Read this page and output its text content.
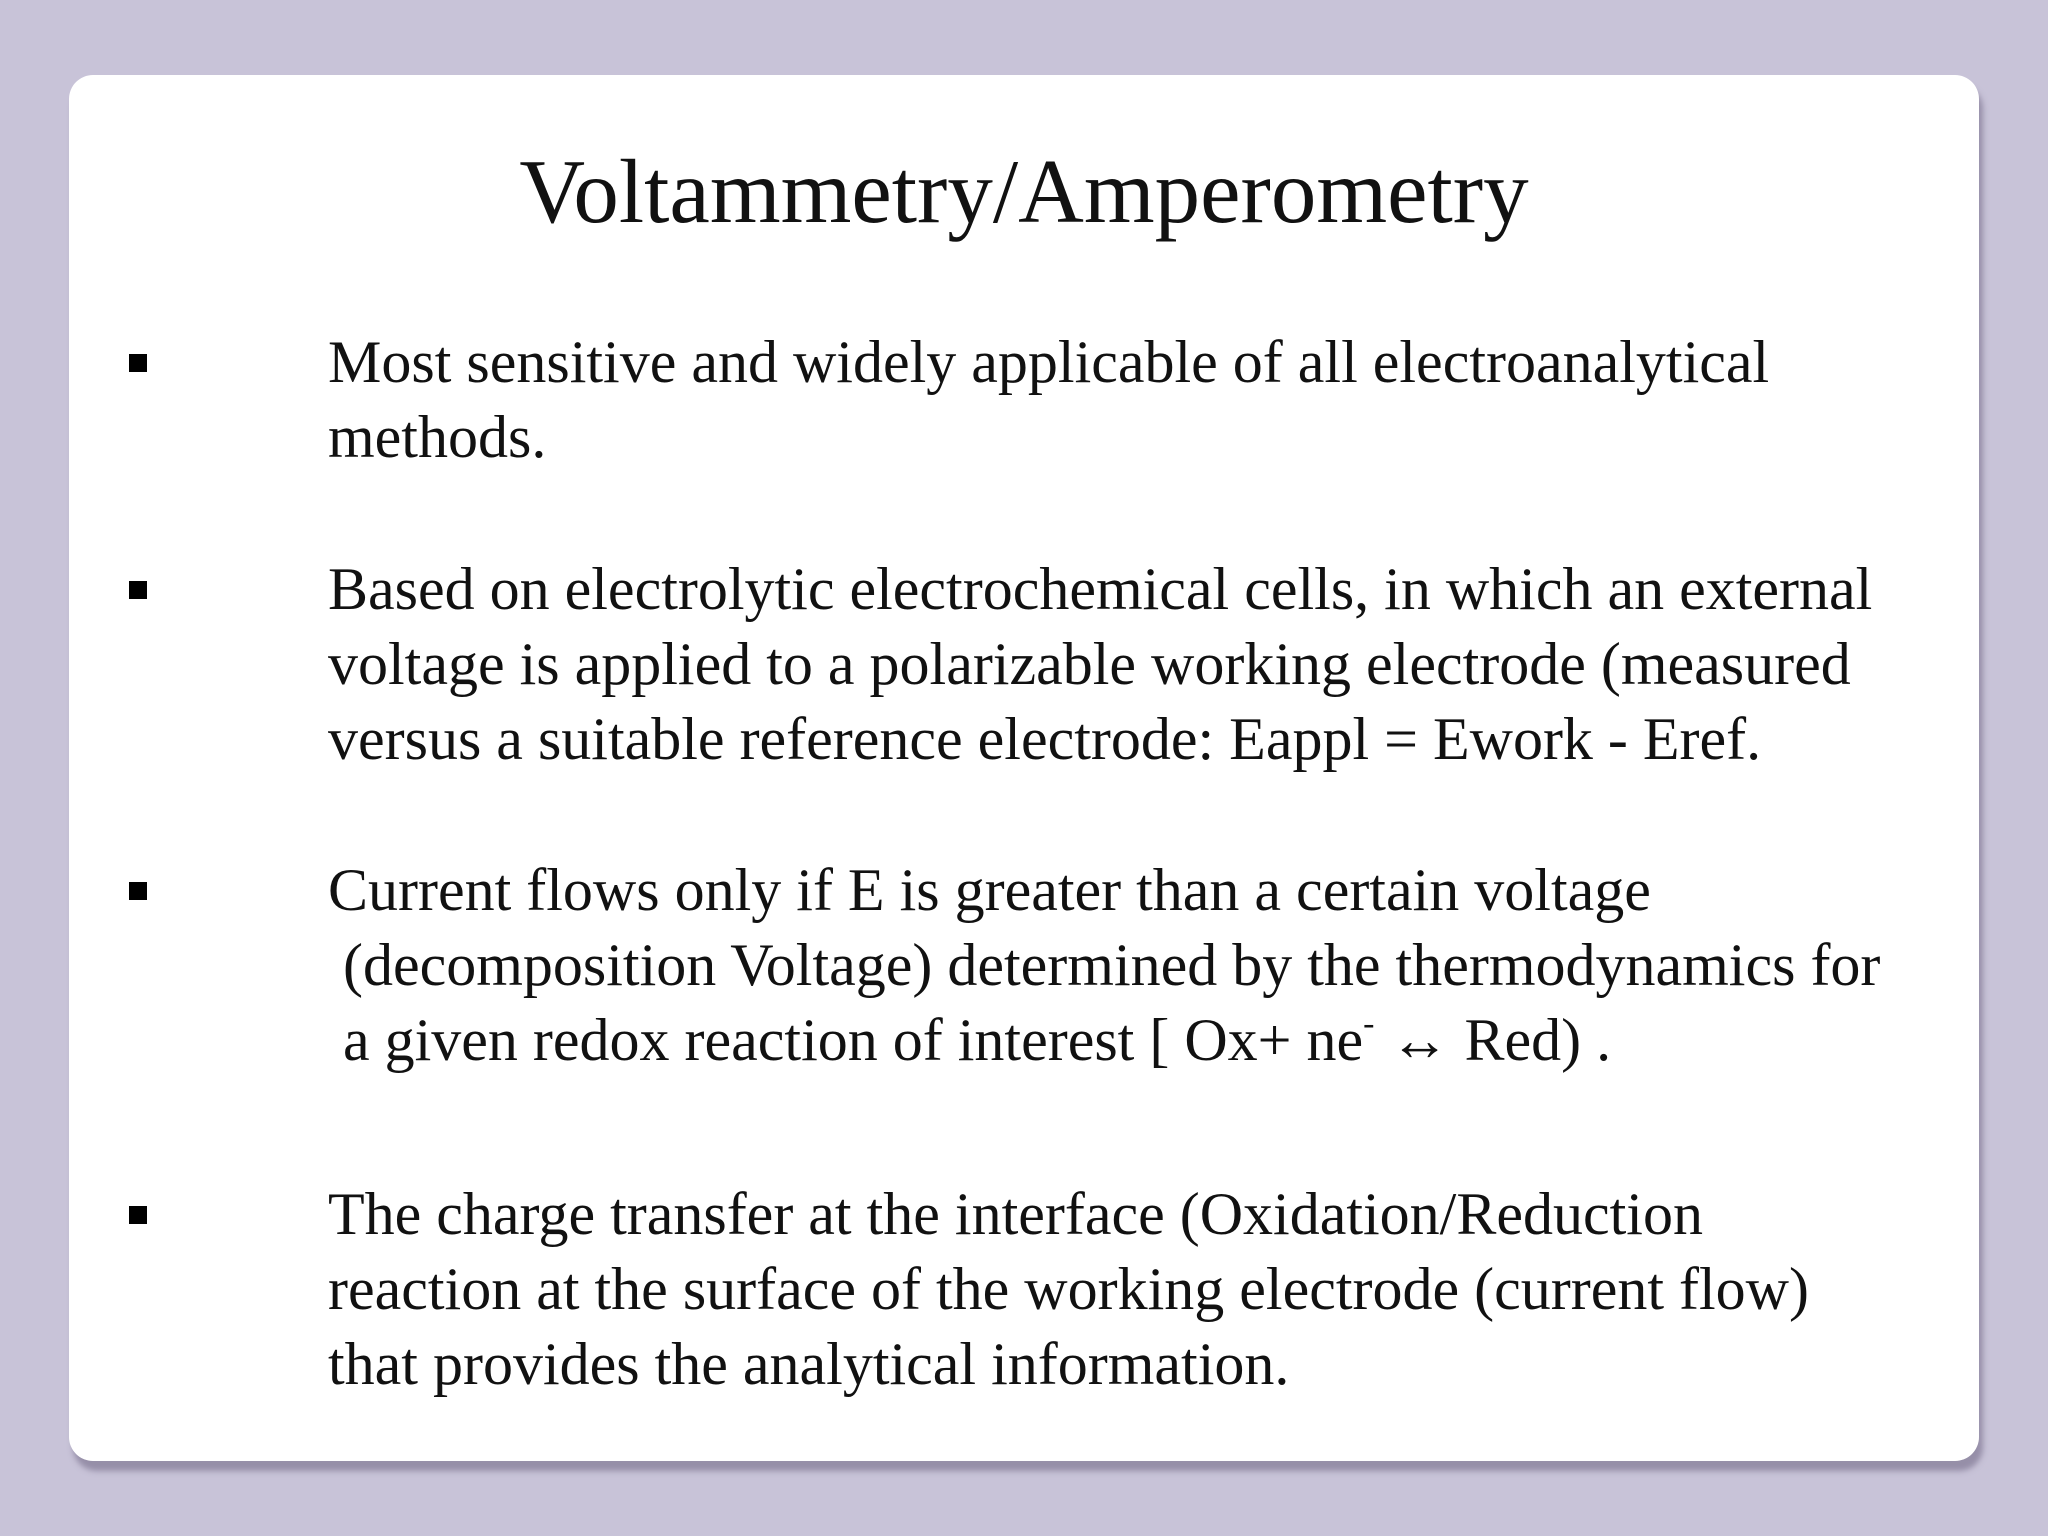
Voltammetry/Amperometry
Most sensitive and widely applicable of all electroanalytical
methods.
Based on electrolytic electrochemical cells, in which an external
voltage is applied to a polarizable working electrode (measured
versus a suitable reference electrode: Eappl = Ework - Eref.
Current flows only if E is greater than a certain voltage
(decomposition Voltage) determined by the thermodynamics for
a given redox reaction of interest [ Ox+ ne- ↔ Red) .
The charge transfer at the interface (Oxidation/Reduction
reaction at the surface of the working electrode (current flow)
that provides the analytical information.
